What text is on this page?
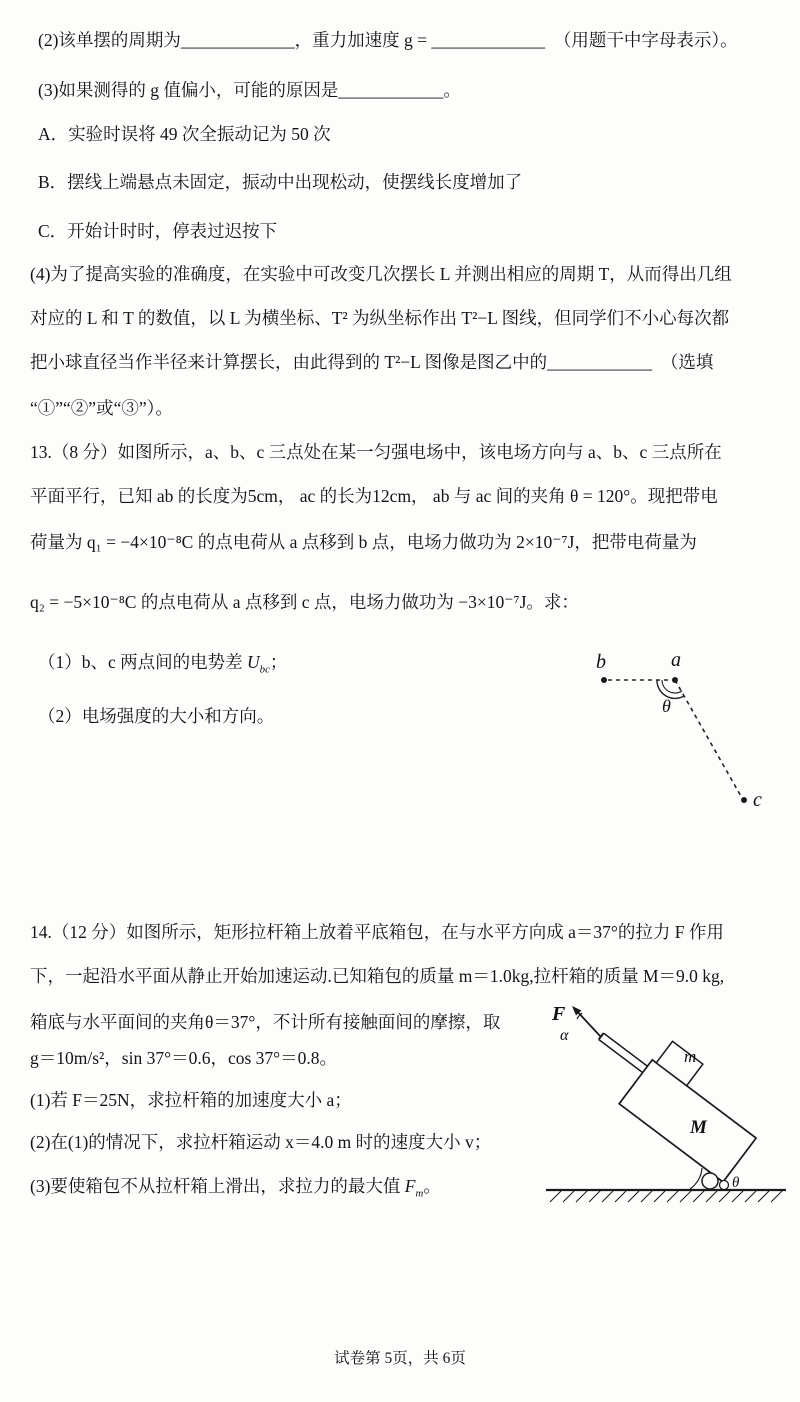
(2)该单摆的周期为_____________，重力加速度 g = _____________　（用题干中字母表示）。
(3)如果测得的 g 值偏小，可能的原因是____________。
A．实验时误将 49 次全振动记为 50 次
B．摆线上端悬点未固定，振动中出现松动，使摆线长度增加了
C．开始计时时，停表过迟按下
(4)为了提高实验的准确度，在实验中可改变几次摆长 L 并测出相应的周期 T，从而得出几组
对应的 L 和 T 的数值，以 L 为横坐标、T² 为纵坐标作出 T²−L 图线，但同学们不小心每次都
把小球直径当作半径来计算摆长，由此得到的 T²−L 图像是图乙中的____________　（选填
“①”“②”或“③”）。
13.（8 分）如图所示，a、b、c 三点处在某一匀强电场中，该电场方向与 a、b、c 三点所在
平面平行，已知 ab 的长度为5cm， ac 的长为12cm， ab 与 ac 间的夹角 θ = 120°。现把带电
荷量为 q₁ = −4×10⁻⁸C 的点电荷从 a 点移到 b 点，电场力做功为 2×10⁻⁷J，把带电荷量为
q₂ = −5×10⁻⁸C 的点电荷从 a 点移到 c 点，电场力做功为 −3×10⁻⁷J。求：
（1）b、c 两点间的电势差 $U_{bc}$；
（2）电场强度的大小和方向。
b	a
θ
c
14.（12 分）如图所示，矩形拉杆箱上放着平底箱包，在与水平方向成 a＝37°的拉力 F 作用
下，一起沿水平面从静止开始加速运动.已知箱包的质量 m＝1.0kg,拉杆箱的质量 M＝9.0 kg,
箱底与水平面间的夹角θ＝37°，不计所有接触面间的摩擦，取
g＝10m/s²，sin 37°＝0.6，cos 37°＝0.8。
(1)若 F＝25N，求拉杆箱的加速度大小 a；
(2)在(1)的情况下，求拉杆箱运动 x＝4.0 m 时的速度大小 v；
(3)要使箱包不从拉杆箱上滑出，求拉力的最大值 $F_m$。
F
α
m
M
θ
试卷第 5页，共 6页
